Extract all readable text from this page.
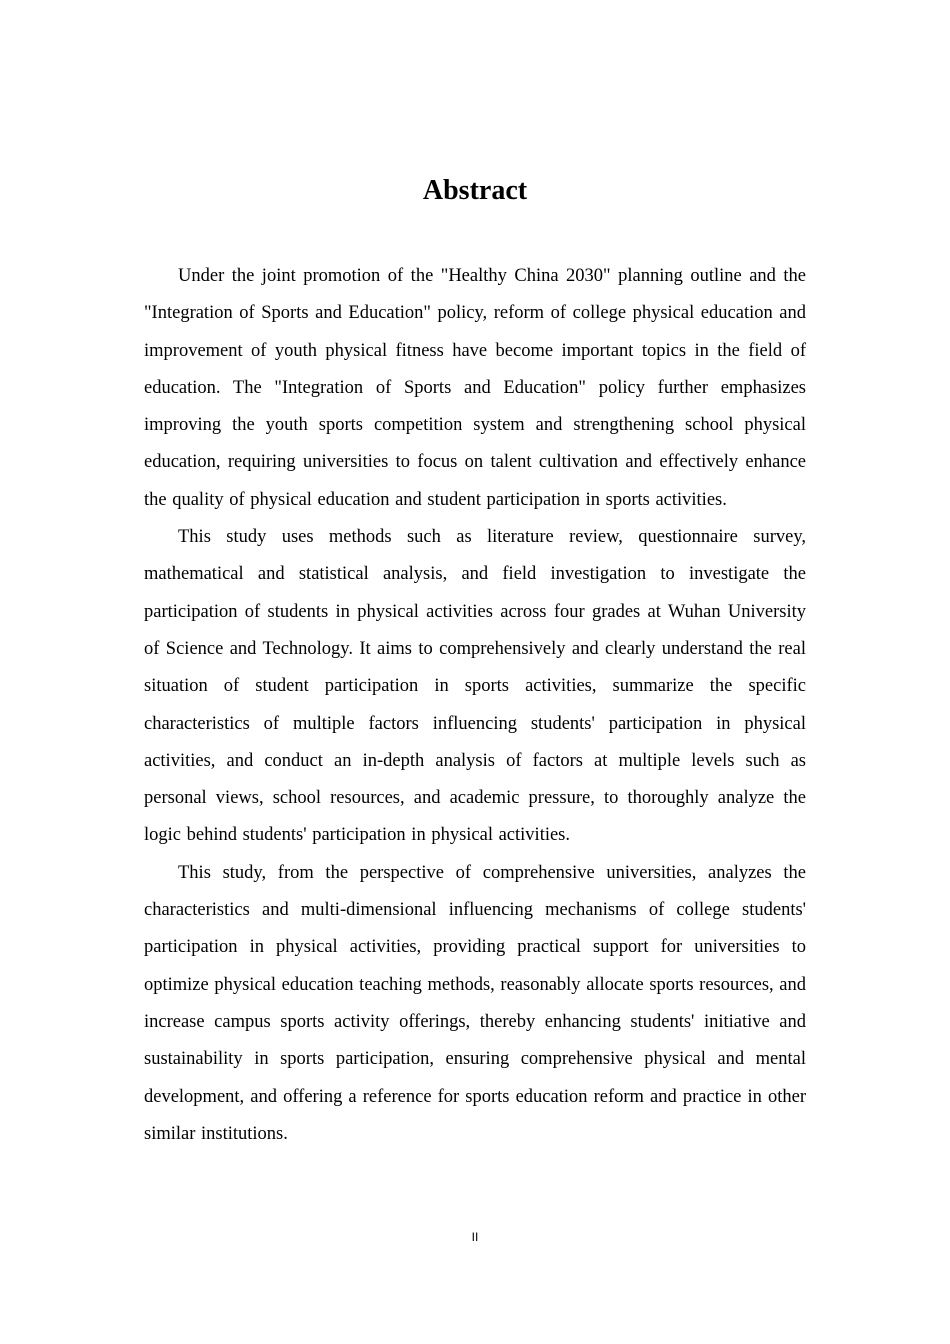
Abstract

Under the joint promotion of the "Healthy China 2030" planning outline and the "Integration of Sports and Education" policy, reform of college physical education and improvement of youth physical fitness have become important topics in the field of education. The "Integration of Sports and Education" policy further emphasizes improving the youth sports competition system and strengthening school physical education, requiring universities to focus on talent cultivation and effectively enhance the quality of physical education and student participation in sports activities.

This study uses methods such as literature review, questionnaire survey, mathematical and statistical analysis, and field investigation to investigate the participation of students in physical activities across four grades at Wuhan University of Science and Technology. It aims to comprehensively and clearly understand the real situation of student participation in sports activities, summarize the specific characteristics of multiple factors influencing students' participation in physical activities, and conduct an in-depth analysis of factors at multiple levels such as personal views, school resources, and academic pressure, to thoroughly analyze the logic behind students' participation in physical activities.

This study, from the perspective of comprehensive universities, analyzes the characteristics and multi-dimensional influencing mechanisms of college students' participation in physical activities, providing practical support for universities to optimize physical education teaching methods, reasonably allocate sports resources, and increase campus sports activity offerings, thereby enhancing students' initiative and sustainability in sports participation, ensuring comprehensive physical and mental development, and offering a reference for sports education reform and practice in other similar institutions.

II
